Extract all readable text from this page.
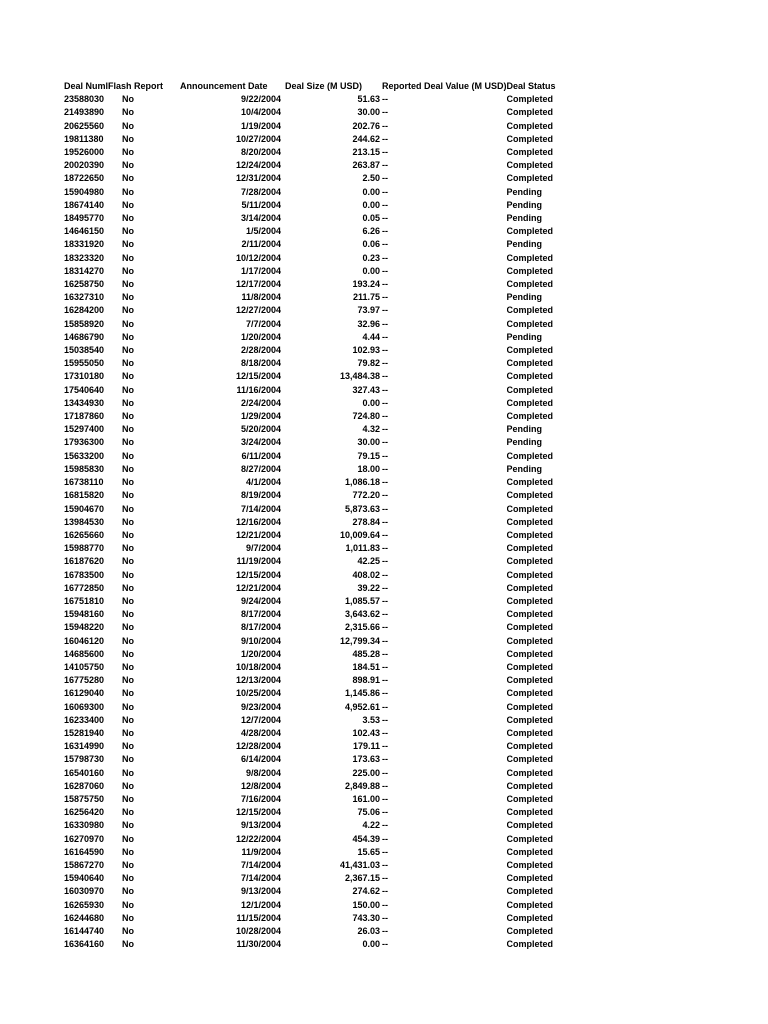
Deal NumlFlash Report		Announcement Date	Deal Size (M USD)	Reported Deal Value (M USD)	Deal Status
23588030	No	9/22/2004	51.63	--	Completed
21493890	No	10/4/2004	30.00	--	Completed
20625560	No	1/19/2004	202.76	--	Completed
19811380	No	10/27/2004	244.62	--	Completed
19526000	No	8/20/2004	213.15	--	Completed
20020390	No	12/24/2004	263.87	--	Completed
18722650	No	12/31/2004	2.50	--	Completed
15904980	No	7/28/2004	0.00	--	Pending
18674140	No	5/11/2004	0.00	--	Pending
18495770	No	3/14/2004	0.05	--	Pending
14646150	No	1/5/2004	6.26	--	Completed
18331920	No	2/11/2004	0.06	--	Pending
18323320	No	10/12/2004	0.23	--	Completed
18314270	No	1/17/2004	0.00	--	Completed
16258750	No	12/17/2004	193.24	--	Completed
16327310	No	11/8/2004	211.75	--	Pending
16284200	No	12/27/2004	73.97	--	Completed
15858920	No	7/7/2004	32.96	--	Completed
14686790	No	1/20/2004	4.44	--	Pending
15038540	No	2/28/2004	102.93	--	Completed
15955050	No	8/18/2004	79.82	--	Completed
17310180	No	12/15/2004	13,484.38	--	Completed
17540640	No	11/16/2004	327.43	--	Completed
13434930	No	2/24/2004	0.00	--	Completed
17187860	No	1/29/2004	724.80	--	Completed
15297400	No	5/20/2004	4.32	--	Pending
17936300	No	3/24/2004	30.00	--	Pending
15633200	No	6/11/2004	79.15	--	Completed
15985830	No	8/27/2004	18.00	--	Pending
16738110	No	4/1/2004	1,086.18	--	Completed
16815820	No	8/19/2004	772.20	--	Completed
15904670	No	7/14/2004	5,873.63	--	Completed
13984530	No	12/16/2004	278.84	--	Completed
16265660	No	12/21/2004	10,009.64	--	Completed
15988770	No	9/7/2004	1,011.83	--	Completed
16187620	No	11/19/2004	42.25	--	Completed
16783500	No	12/15/2004	408.02	--	Completed
16772850	No	12/21/2004	39.22	--	Completed
16751810	No	9/24/2004	1,085.57	--	Completed
15948160	No	8/17/2004	3,643.62	--	Completed
15948220	No	8/17/2004	2,315.66	--	Completed
16046120	No	9/10/2004	12,799.34	--	Completed
14685600	No	1/20/2004	485.28	--	Completed
14105750	No	10/18/2004	184.51	--	Completed
16775280	No	12/13/2004	898.91	--	Completed
16129040	No	10/25/2004	1,145.86	--	Completed
16069300	No	9/23/2004	4,952.61	--	Completed
16233400	No	12/7/2004	3.53	--	Completed
15281940	No	4/28/2004	102.43	--	Completed
16314990	No	12/28/2004	179.11	--	Completed
15798730	No	6/14/2004	173.63	--	Completed
16540160	No	9/8/2004	225.00	--	Completed
16287060	No	12/8/2004	2,849.88	--	Completed
15875750	No	7/16/2004	161.00	--	Completed
16256420	No	12/15/2004	75.06	--	Completed
16330980	No	9/13/2004	4.22	--	Completed
16270970	No	12/22/2004	454.39	--	Completed
16164590	No	11/9/2004	15.65	--	Completed
15867270	No	7/14/2004	41,431.03	--	Completed
15940640	No	7/14/2004	2,367.15	--	Completed
16030970	No	9/13/2004	274.62	--	Completed
16265930	No	12/1/2004	150.00	--	Completed
16244680	No	11/15/2004	743.30	--	Completed
16144740	No	10/28/2004	26.03	--	Completed
16364160	No	11/30/2004	0.00	--	Completed
